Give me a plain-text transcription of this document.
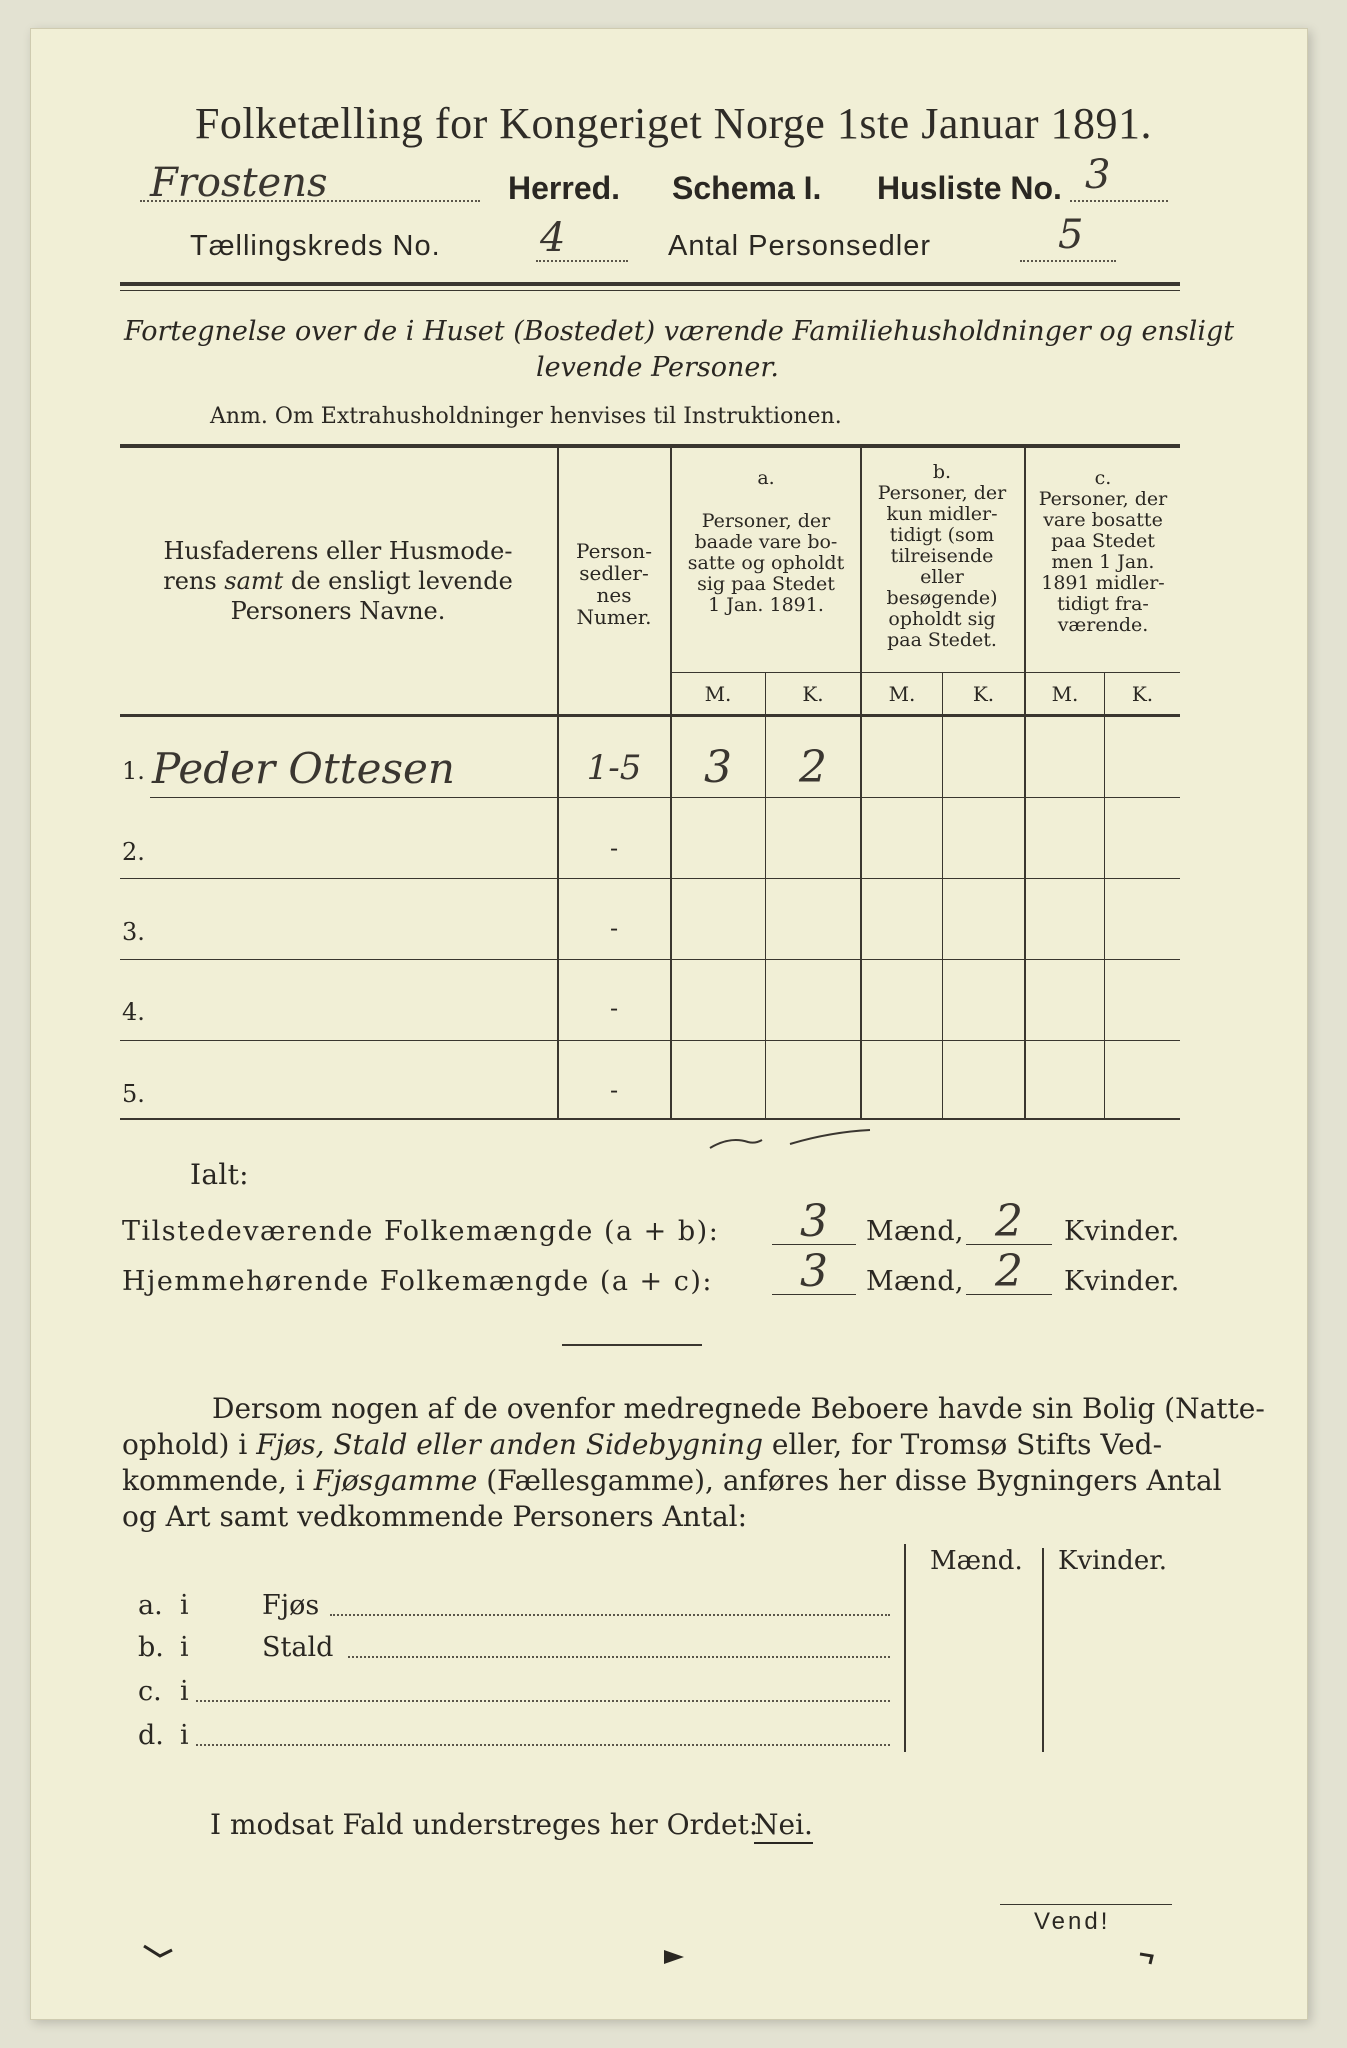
Folketælling for Kongeriget Norge 1ste Januar 1891.
Frostens	Herred. Schema I. Husliste No. 3
Tællingskreds No. 4	Antal Personsedler	5
Fortegnelse over de i Huset (Bostedet) værende Familiehusholdninger og ensligt
levende Personer.
Anm. Om Extrahusholdninger henvises til Instruktionen.
Husfaderens eller Husmode-
rens samt de ensligt levende
Personers Navne.
Person-
sedler-
nes
Numer.
a.
Personer, der
baade vare bo-
satte og opholdt
sig paa Stedet
1 Jan. 1891.
b.
Personer, der
kun midler-
tidigt (som
tilreisende
eller
besøgende)
opholdt sig
paa Stedet.
c.
Personer, der
vare bosatte
paa Stedet
men 1 Jan.
1891 midler-
tidigt fra-
værende.
M.	K.	M.	K.	M.	K.
1. Peder Ottesen	1-5	3	2
2.	-
3.	-
4.	-
5.	-
Ialt:
Tilstedeværende Folkemængde (a + b):	3	Mænd, 2	Kvinder.
Hjemmehørende Folkemængde (a + c):	3	Mænd, 2	Kvinder.
Dersom nogen af de ovenfor medregnede Beboere havde sin Bolig (Natte-
ophold) i Fjøs, Stald eller anden Sidebygning eller, for Tromsø Stifts Ved-
kommende, i Fjøsgamme (Fællesgamme), anføres her disse Bygningers Antal
og Art samt vedkommende Personers Antal:
Mænd. Kvinder.
a. i	Fjøs
b. i	Stald
c. i
d. i
I modsat Fald understreges her Ordet:
Nei.
Vend!
